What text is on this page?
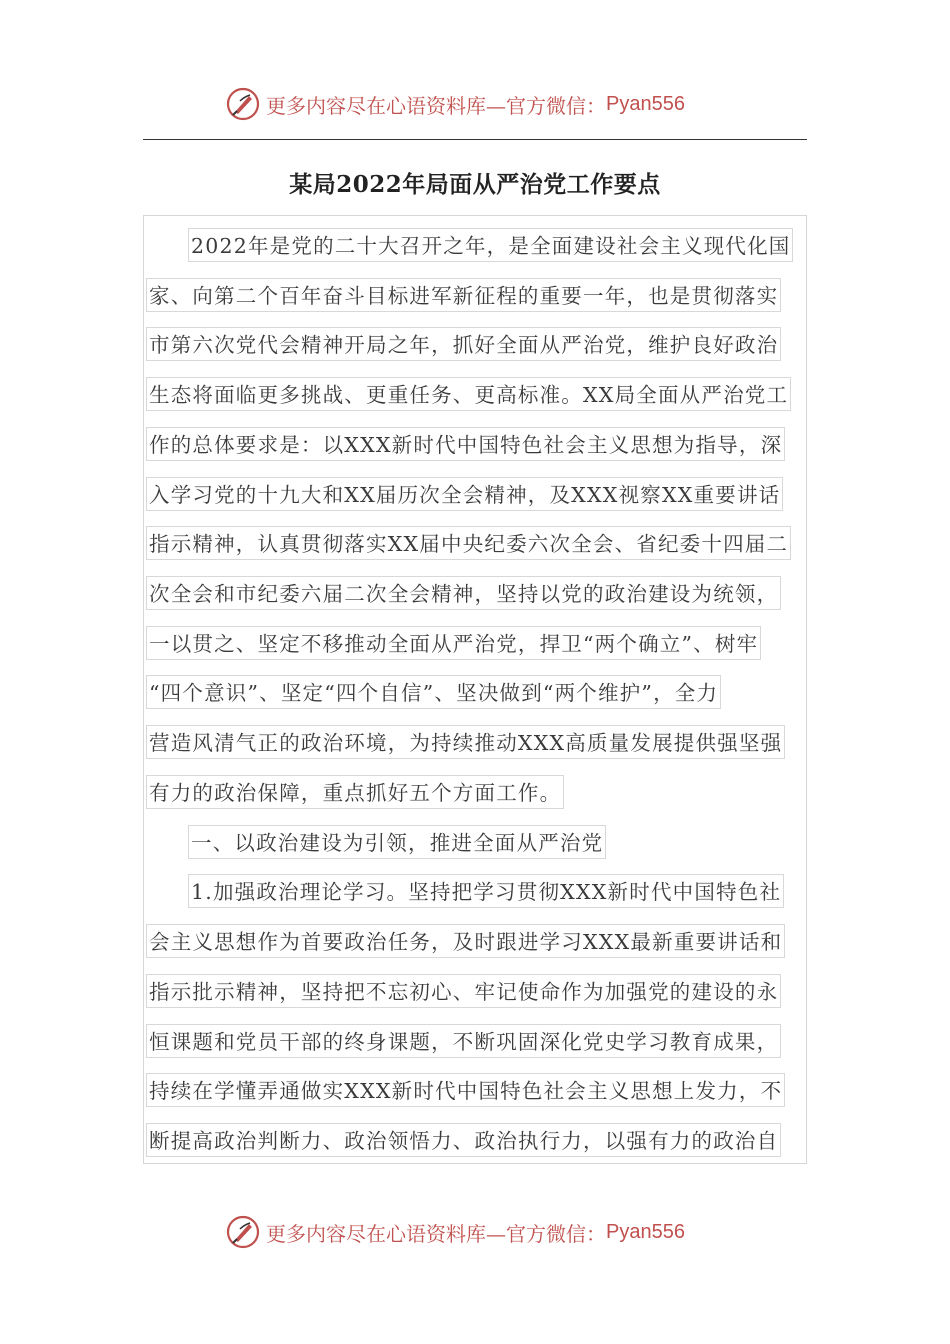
更多内容尽在心语资料库—官方微信： Pyan556
某局2022年局面从严治党工作要点
2022年是党的二十大召开之年，是全面建设社会主义现代化国
家、向第二个百年奋斗目标进军新征程的重要一年，也是贯彻落实
市第六次党代会精神开局之年，抓好全面从严治党，维护良好政治
生态将面临更多挑战、更重任务、更高标准。XX局全面从严治党工
作的总体要求是：以XXX新时代中国特色社会主义思想为指导，深
入学习党的十九大和XX届历次全会精神，及XXX视察XX重要讲话
指示精神，认真贯彻落实XX届中央纪委六次全会、省纪委十四届二
次全会和市纪委六届二次全会精神，坚持以党的政治建设为统领，
一以贯之、坚定不移推动全面从严治党，捍卫“两个确立”、树牢
“四个意识”、坚定“四个自信”、坚决做到“两个维护”，全力
营造风清气正的政治环境，为持续推动XXX高质量发展提供强坚强
有力的政治保障，重点抓好五个方面工作。
一、以政治建设为引领，推进全面从严治党
1.加强政治理论学习。坚持把学习贯彻XXX新时代中国特色社
会主义思想作为首要政治任务，及时跟进学习XXX最新重要讲话和
指示批示精神，坚持把不忘初心、牢记使命作为加强党的建设的永
恒课题和党员干部的终身课题，不断巩固深化党史学习教育成果，
持续在学懂弄通做实XXX新时代中国特色社会主义思想上发力，不
断提高政治判断力、政治领悟力、政治执行力，以强有力的政治自
更多内容尽在心语资料库—官方微信： Pyan556
